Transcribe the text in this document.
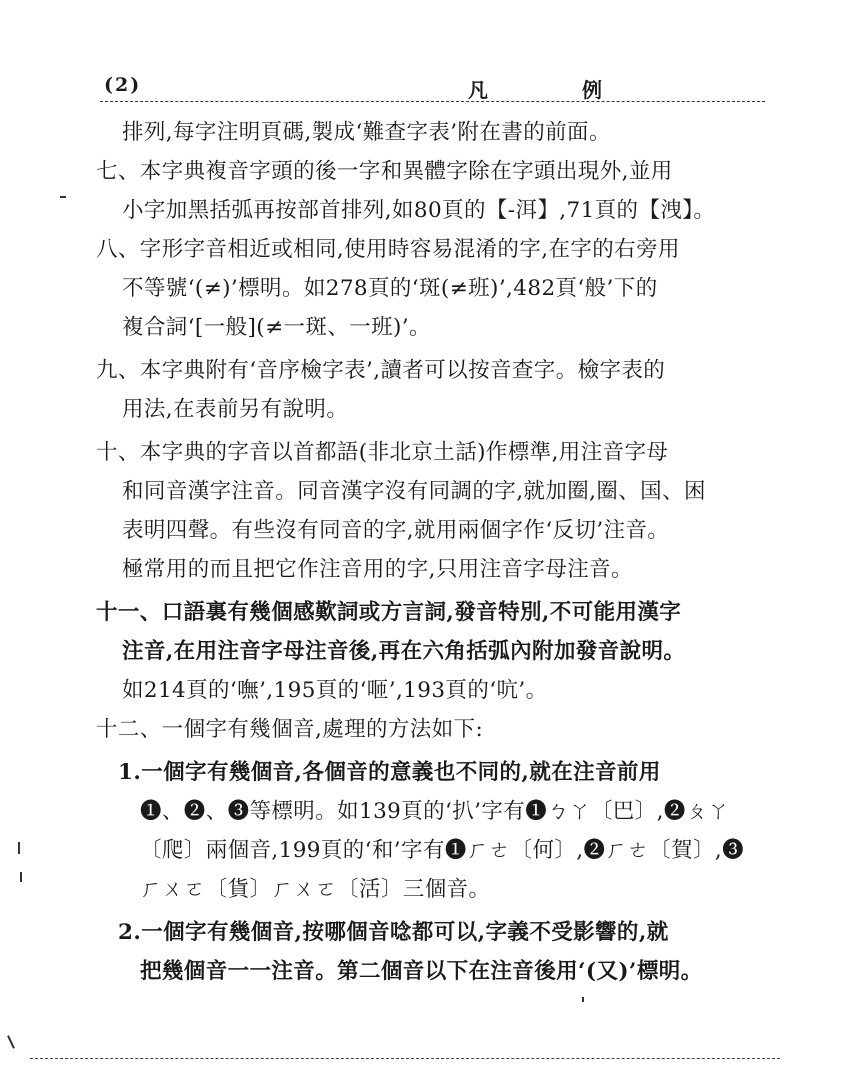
(2)	凡	例
排列,每字注明頁碼,製成‘難查字表’附在書的前面。
七、本字典複音字頭的後一字和異體字除在字頭出現外,並用
小字加黑括弧再按部首排列,如80頁的【-洱】,71頁的【洩】。
八、字形字音相近或相同,使用時容易混淆的字,在字的右旁用
不等號‘(≠)’標明。如278頁的‘斑(≠班)’,482頁‘般’下的
複合詞‘[一般](≠一斑、一班)’。
九、本字典附有‘音序檢字表’,讀者可以按音查字。檢字表的
用法,在表前另有說明。
十、本字典的字音以首都語(非北京土話)作標準,用注音字母
和同音漢字注音。同音漢字沒有同調的字,就加圈,圈、国、困
表明四聲。有些沒有同音的字,就用兩個字作‘反切’注音。
極常用的而且把它作注音用的字,只用注音字母注音。
十一、口語裏有幾個感歎詞或方言詞,發音特別,不可能用漢字
注音,在用注音字母注音後,再在六角括弧內附加發音說明。
如214頁的‘嘸’,195頁的‘咂’,193頁的‘吭’。
十二、一個字有幾個音,處理的方法如下:
1.一個字有幾個音,各個音的意義也不同的,就在注音前用
❶、❷、❸等標明。如139頁的‘扒’字有❶ㄅㄚ〔巴〕,❷ㄆㄚ
〔爬〕兩個音,199頁的‘和’字有❶ㄏㄜ〔何〕,❷ㄏㄜ〔賀〕,❸
ㄏㄨㄛ〔貨〕ㄏㄨㄛ〔活〕三個音。
2.一個字有幾個音,按哪個音唸都可以,字義不受影響的,就
把幾個音一一注音。第二個音以下在注音後用‘(又)’標明。
